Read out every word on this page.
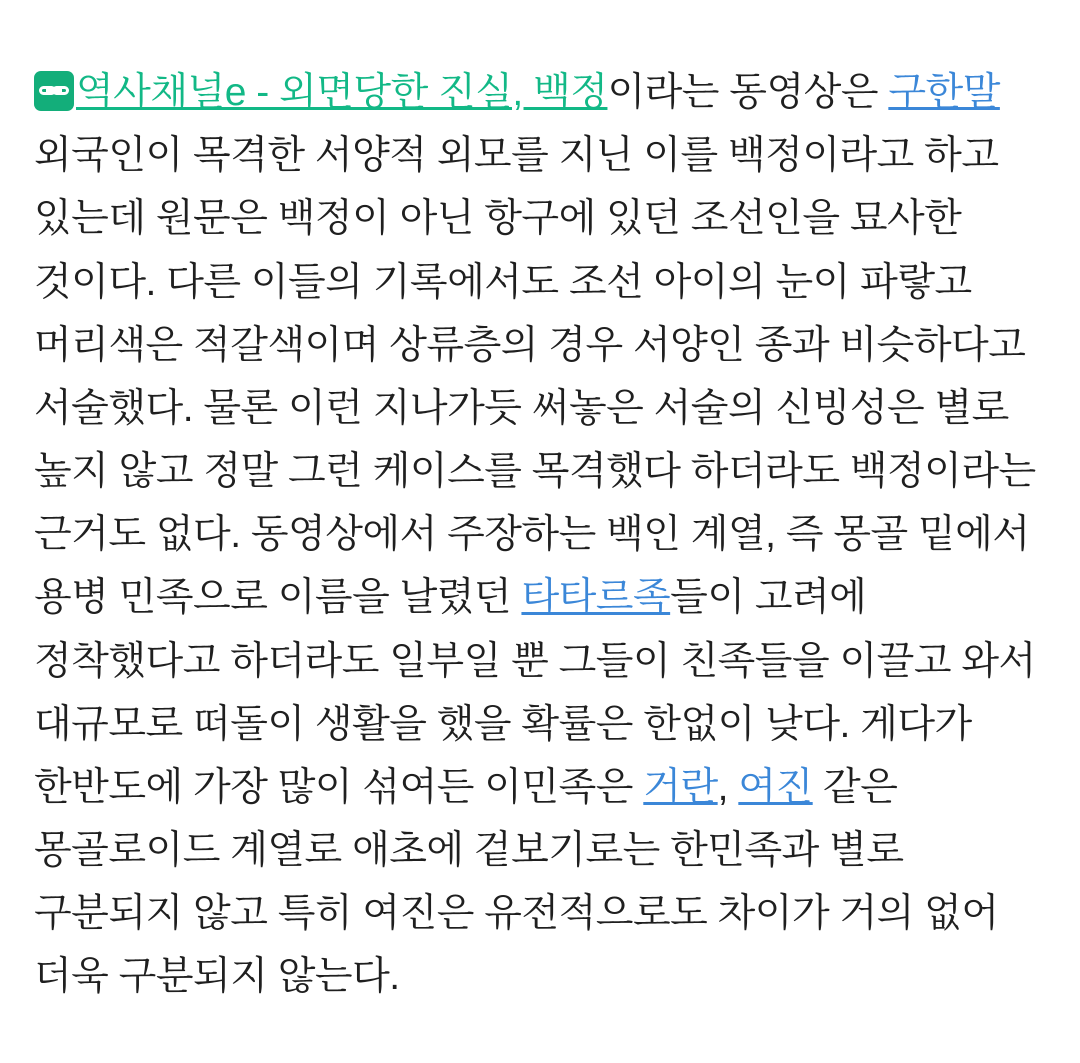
역사채널e - 외면당한 진실, 백정이라는 동영상은 구한말 외국인이 목격한 서양적 외모를 지닌 이를 백정이라고 하고 있는데 원문은 백정이 아닌 항구에 있던 조선인을 묘사한 것이다. 다른 이들의 기록에서도 조선 아이의 눈이 파랗고 머리색은 적갈색이며 상류층의 경우 서양인 종과 비슷하다고 서술했다. 물론 이런 지나가듯 써놓은 서술의 신빙성은 별로 높지 않고 정말 그런 케이스를 목격했다 하더라도 백정이라는 근거도 없다. 동영상에서 주장하는 백인 계열, 즉 몽골 밑에서 용병 민족으로 이름을 날렸던 타타르족들이 고려에 정착했다고 하더라도 일부일 뿐 그들이 친족들을 이끌고 와서 대규모로 떠돌이 생활을 했을 확률은 한없이 낮다. 게다가 한반도에 가장 많이 섞여든 이민족은 거란, 여진 같은 몽골로이드 계열로 애초에 겉보기로는 한민족과 별로 구분되지 않고 특히 여진은 유전적으로도 차이가 거의 없어 더욱 구분되지 않는다.
